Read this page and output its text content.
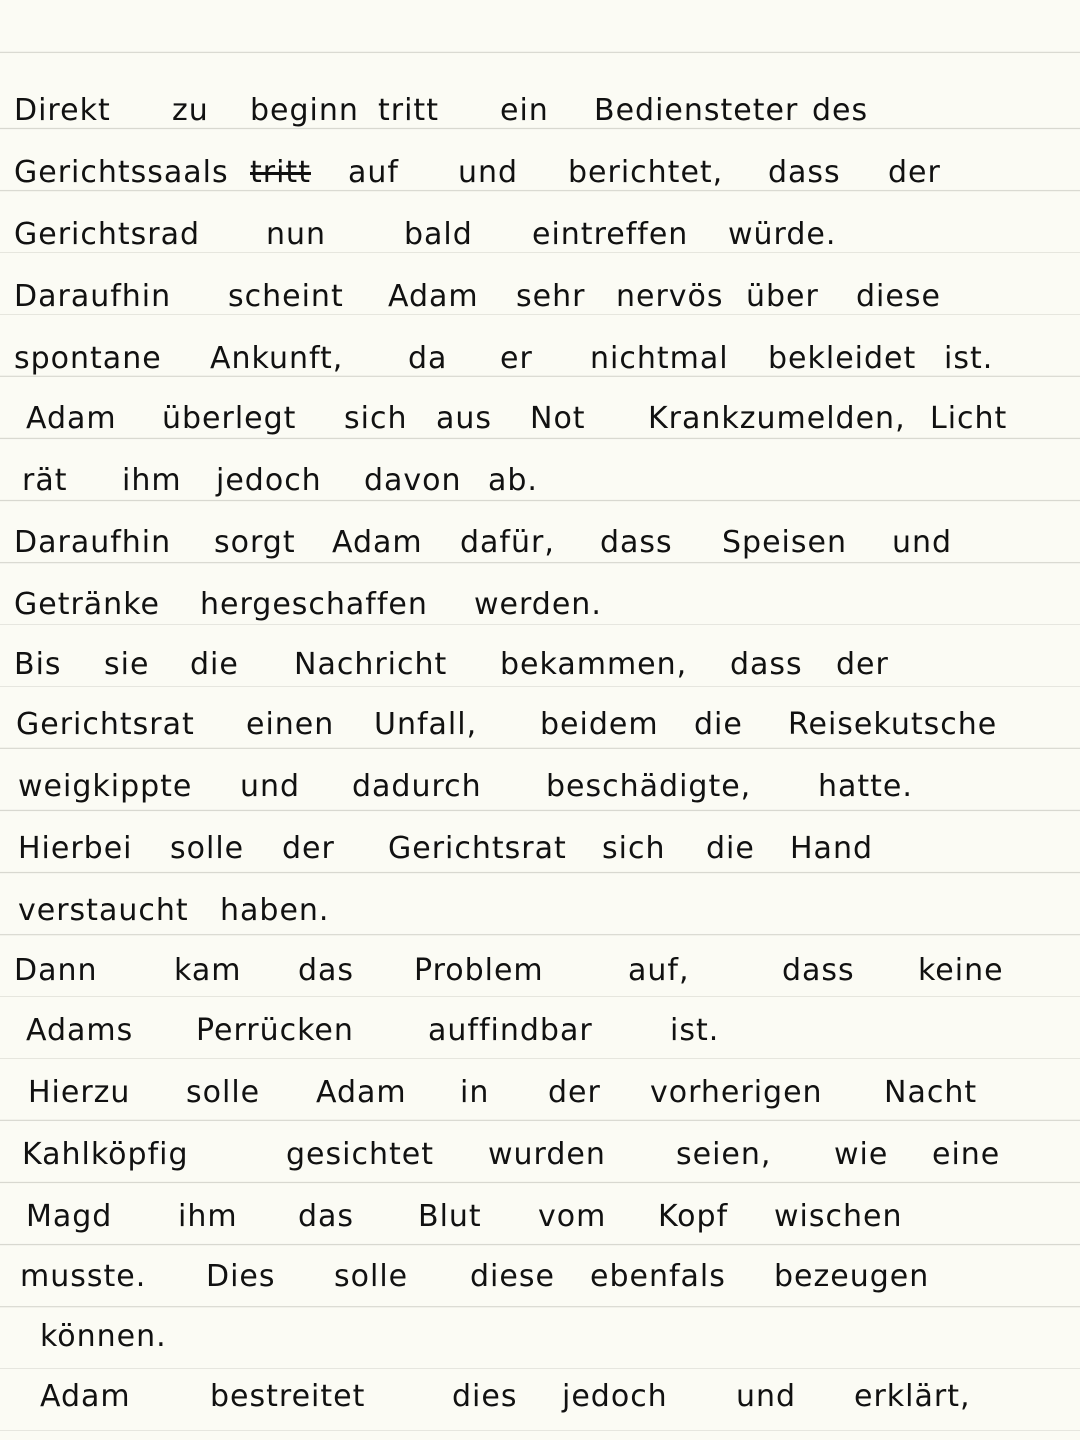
Direkt

zu

beginn

tritt

ein

Bediensteter

des

Gerichtssaals

tritt

auf

und

berichtet,

dass

der

Gerichtsrad

nun

	bald

eintreffen

würde.

Daraufhin

scheint

Adam

sehr

nervös

über

diese

spontane

Ankunft,

da

er

nichtmal

bekleidet

ist.

Adam

überlegt

sich

aus

Not

Krankzumelden,

Licht

rät

ihm

jedoch

davon

ab.

Daraufhin

sorgt

Adam

dafür,

dass

Speisen

und

Getränke

hergeschaffen

werden.

Bis

sie

die

Nachricht

bekammen,

dass

der

Gerichtsrat

einen

Unfall,

beidem

die

Reisekutsche

weigkippte

und

dadurch

beschädigte,

hatte.

Hierbei

solle

der

Gerichtsrat

sich

die

Hand

verstaucht

haben.

Dann

	kam

das

Problem

	auf,

	dass

keine

Adams

Perrücken

auffindbar

	ist.

Hierzu

solle

Adam

in

der

vorherigen

Nacht

Kahlköpfig

	gesichtet

wurden

seien,

wie

eine

Magd

ihm

das

Blut

vom

Kopf

wischen

musste.

Dies

solle

diese

ebenfals

bezeugen

können.

Adam

	bestreitet

	dies

jedoch

und

erklärt,
